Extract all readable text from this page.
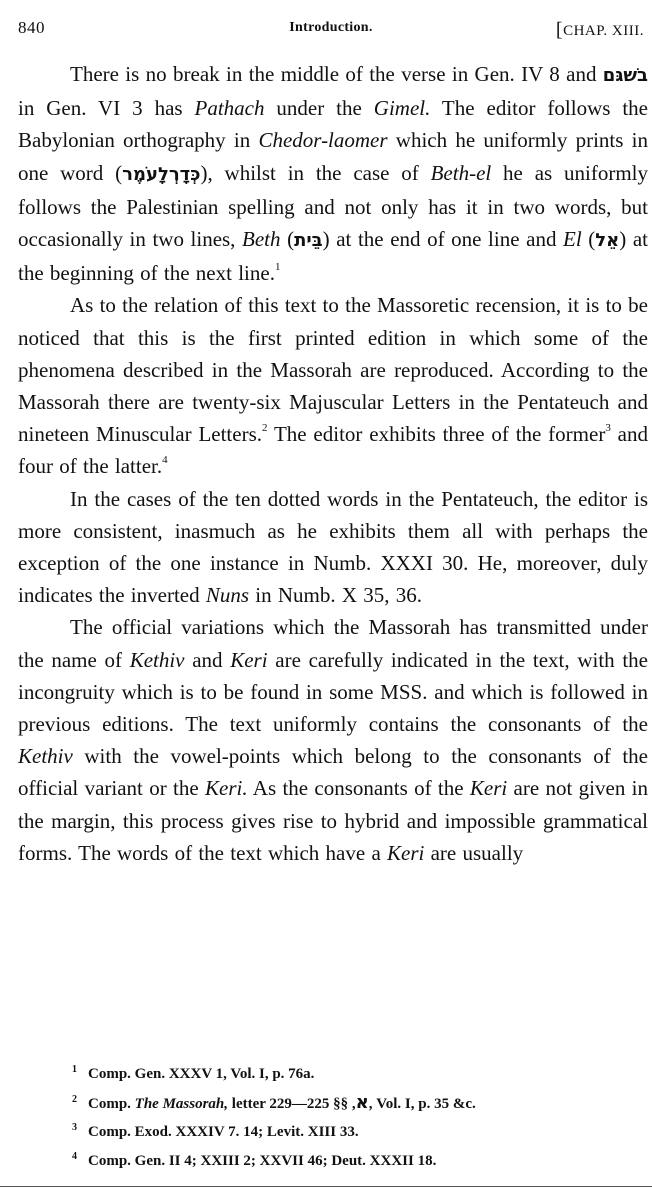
840	Introduction.	[CHAP. XIII.

There is no break in the middle of the verse in Gen. IV 8 and בשׁגּם in Gen. VI 3 has Pathach under the Gimel. The editor follows the Babylonian orthography in Chedor-laomer which he uniformly prints in one word (כְּדָרְלָעֹמֶר), whilst in the case of Beth-el he as uniformly follows the Palestinian spelling and not only has it in two words, but occasionally in two lines, Beth (בֵּית) at the end of one line and El (אֵל) at the beginning of the next line.$^1$

As to the relation of this text to the Massoretic recension, it is to be noticed that this is the first printed edition in which some of the phenomena described in the Massorah are reproduced. According to the Massorah there are twenty-six Majuscular Letters in the Pentateuch and nineteen Minuscular Letters.$^2$ The editor exhibits three of the former$^3$ and four of the latter.$^4$

In the cases of the ten dotted words in the Pentateuch, the editor is more consistent, inasmuch as he exhibits them all with perhaps the exception of the one instance in Numb. XXXI 30. He, moreover, duly indicates the inverted Nuns in Numb. X 35, 36.

The official variations which the Massorah has transmitted under the name of Kethiv and Keri are carefully indicated in the text, with the incongruity which is to be found in some MSS. and which is followed in previous editions. The text uniformly contains the consonants of the Kethiv with the vowel-points which belong to the consonants of the official variant or the Keri. As the consonants of the Keri are not given in the margin, this process gives rise to hybrid and impossible grammatical forms. The words of the text which have a Keri are usually

1 Comp. Gen. XXXV 1, Vol. I, p. 76a.
2 Comp. The Massorah, letter	א, §§ 225—229, Vol. I, p. 35 &c.
3 Comp. Exod. XXXIV 7. 14; Levit. XIII 33.
4 Comp. Gen. II 4; XXIII 2; XXVII 46; Deut. XXXII 18.
